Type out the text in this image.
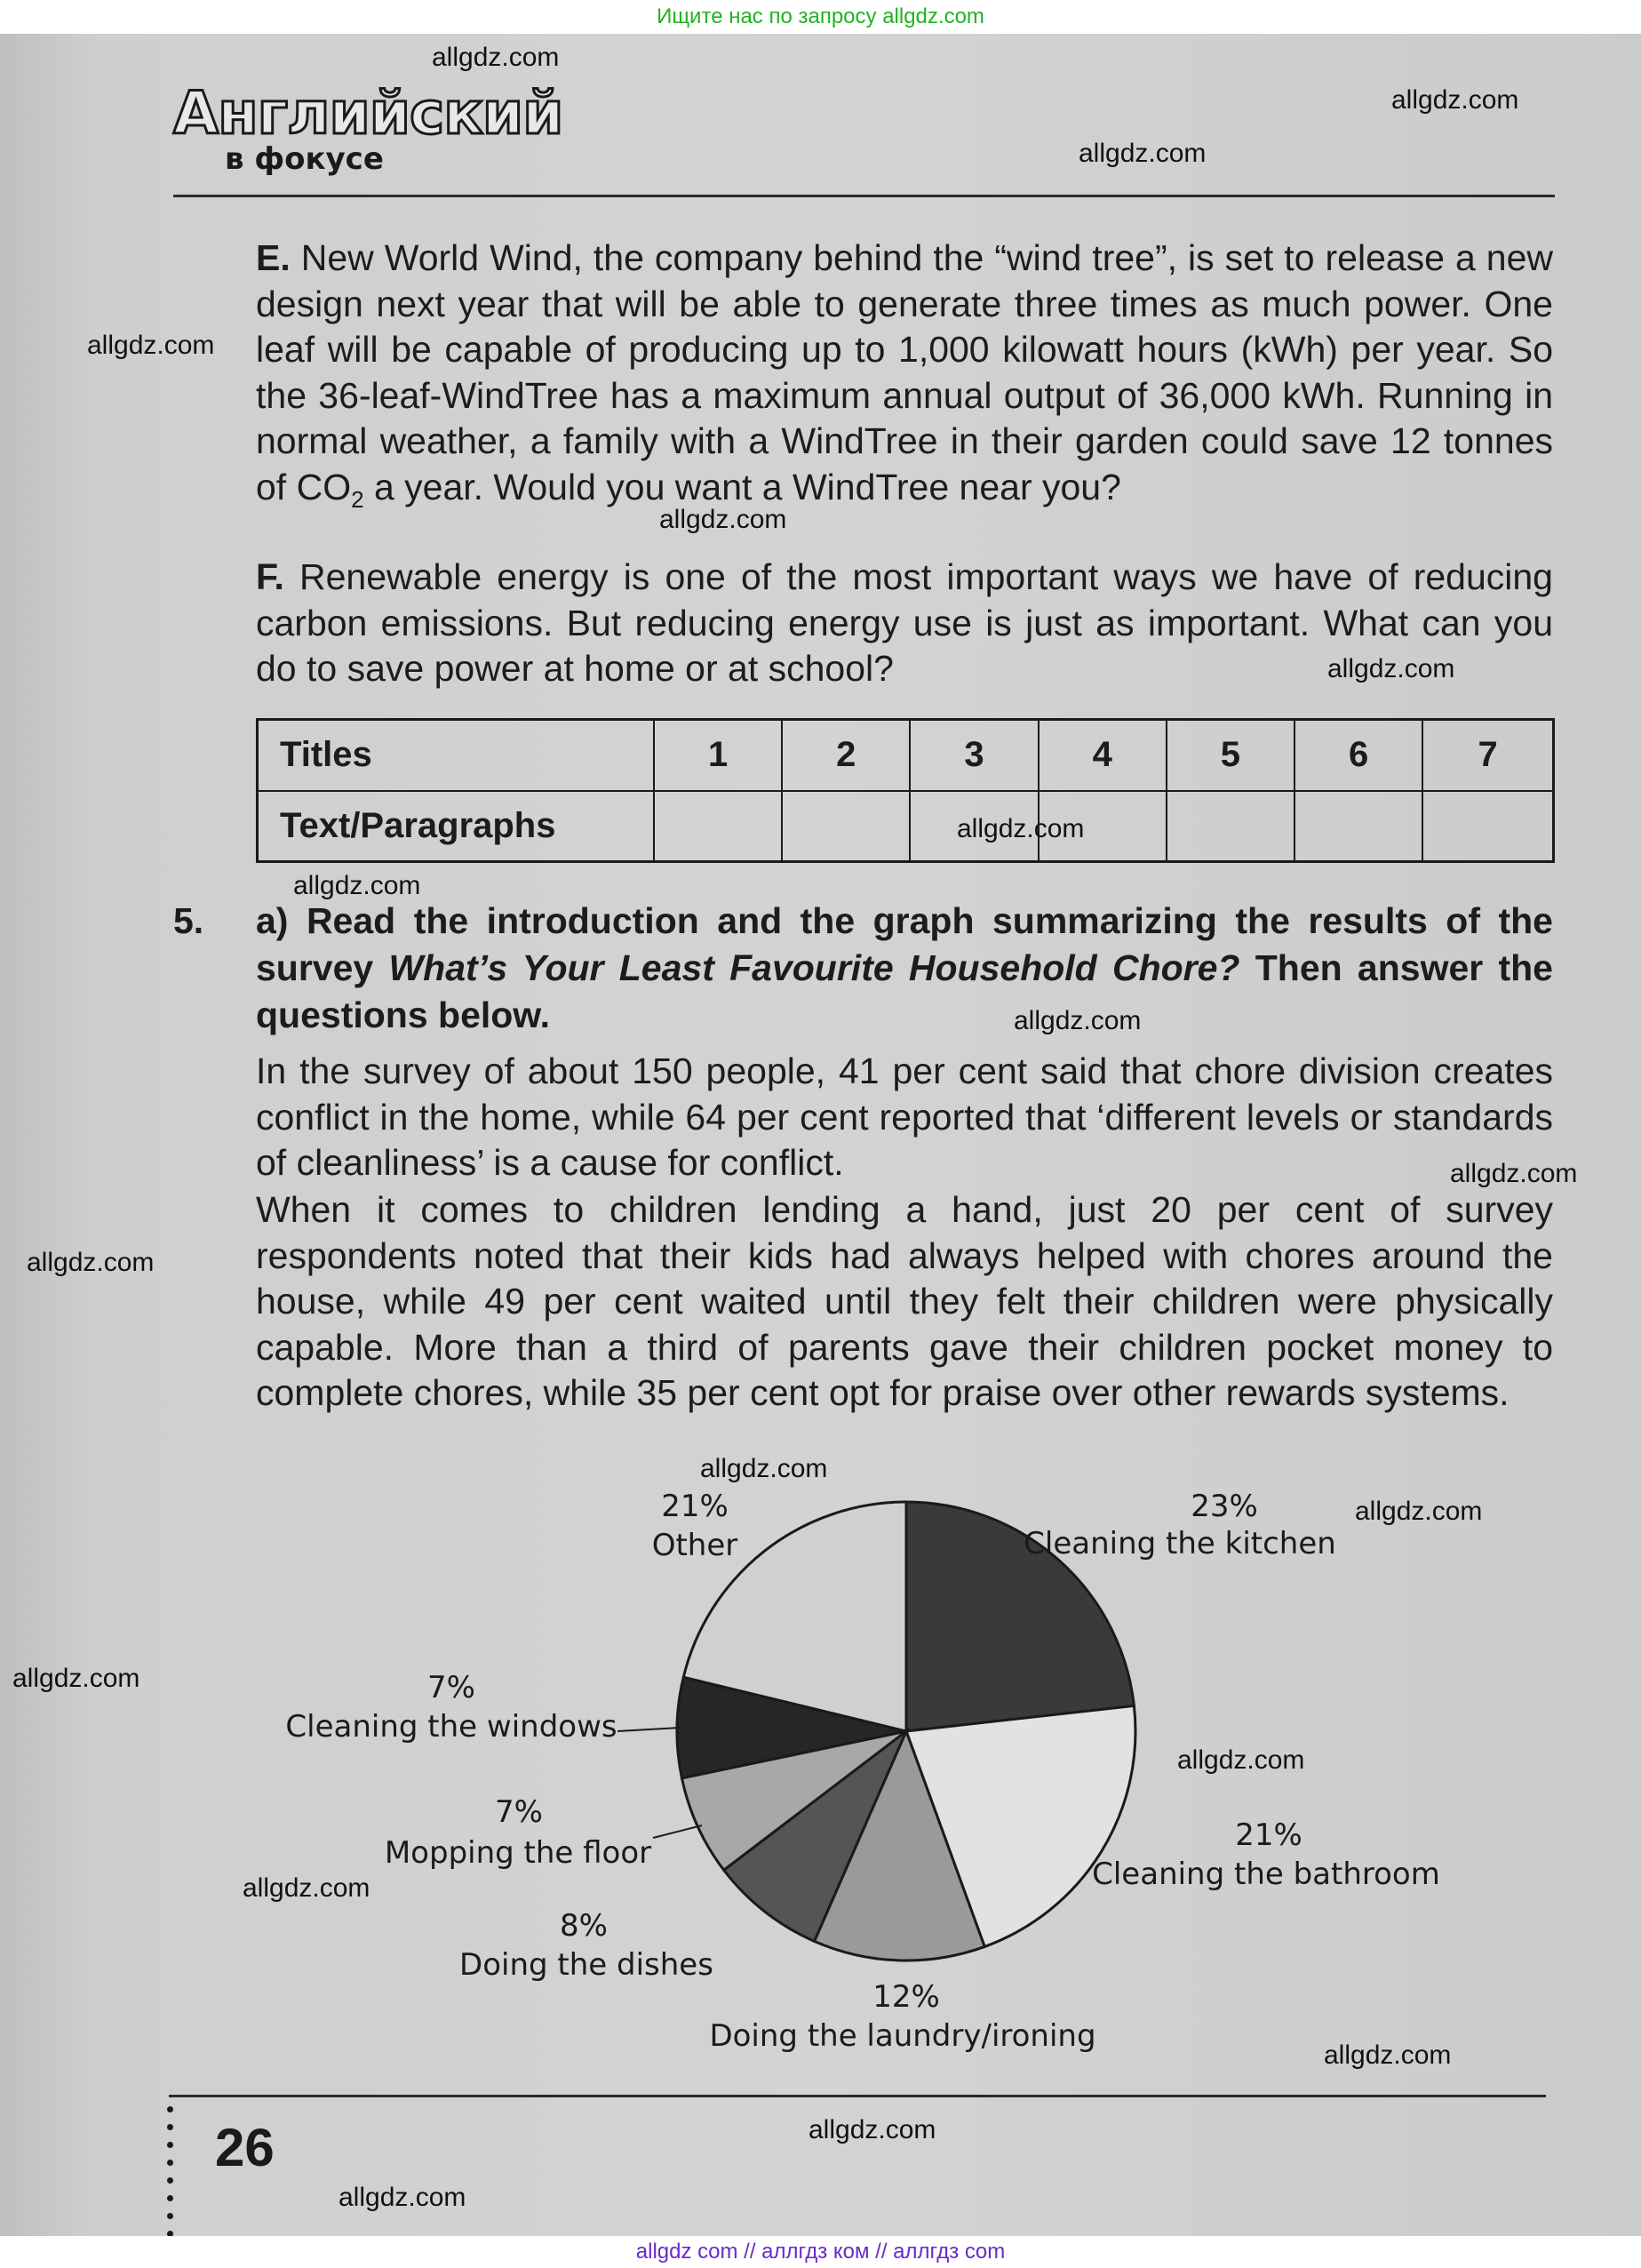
Ищите нас по запросу allgdz.com
allgdz.com
allgdz.com
allgdz.com
allgdz.com
allgdz.com
allgdz.com
allgdz.com
allgdz.com
allgdz.com
allgdz.com
allgdz.com
allgdz.com
allgdz.com
allgdz.com
allgdz.com
allgdz.com
allgdz.com
allgdz.com
allgdz.com
Английский
в фокусе
E. New World Wind, the company behind the “wind tree”, is set to release a new design next year that will be able to generate three times as much power. One leaf will be capable of producing up to 1,000 kilowatt hours (kWh) per year. So the 36-leaf-WindTree has a maximum annual output of 36,000 kWh. Running in normal weather, a family with a WindTree in their garden could save 12 tonnes of $CO_2$ a year. Would you want a WindTree near you?
F. Renewable energy is one of the most important ways we have of reducing carbon emissions. But reducing energy use is just as important. What can you do to save power at home or at school?
Titles	1	2	3	4	5	6	7
Text/Paragraphs							
5. a) Read the introduction and the graph summarizing the results of the survey What’s Your Least Favourite Household Chore? Then answer the questions below.
In the survey of about 150 people, 41 per cent said that chore division creates conflict in the home, while 64 per cent reported that ‘different levels or standards of cleanliness’ is a cause for conflict.
When it comes to children lending a hand, just 20 per cent of survey respondents noted that their kids had always helped with chores around the house, while 49 per cent waited until they felt their children were physically capable. More than a third of parents gave their children pocket money to complete chores, while 35 per cent opt for praise over other rewards systems.
23%
Cleaning the kitchen
21%
Cleaning the bathroom
12%
Doing the laundry/ironing
8%
Doing the dishes
7%
Mopping the floor
7%
Cleaning the windows
21%
Other
26
allgdz com // аллгдз ком // аллгдз com
